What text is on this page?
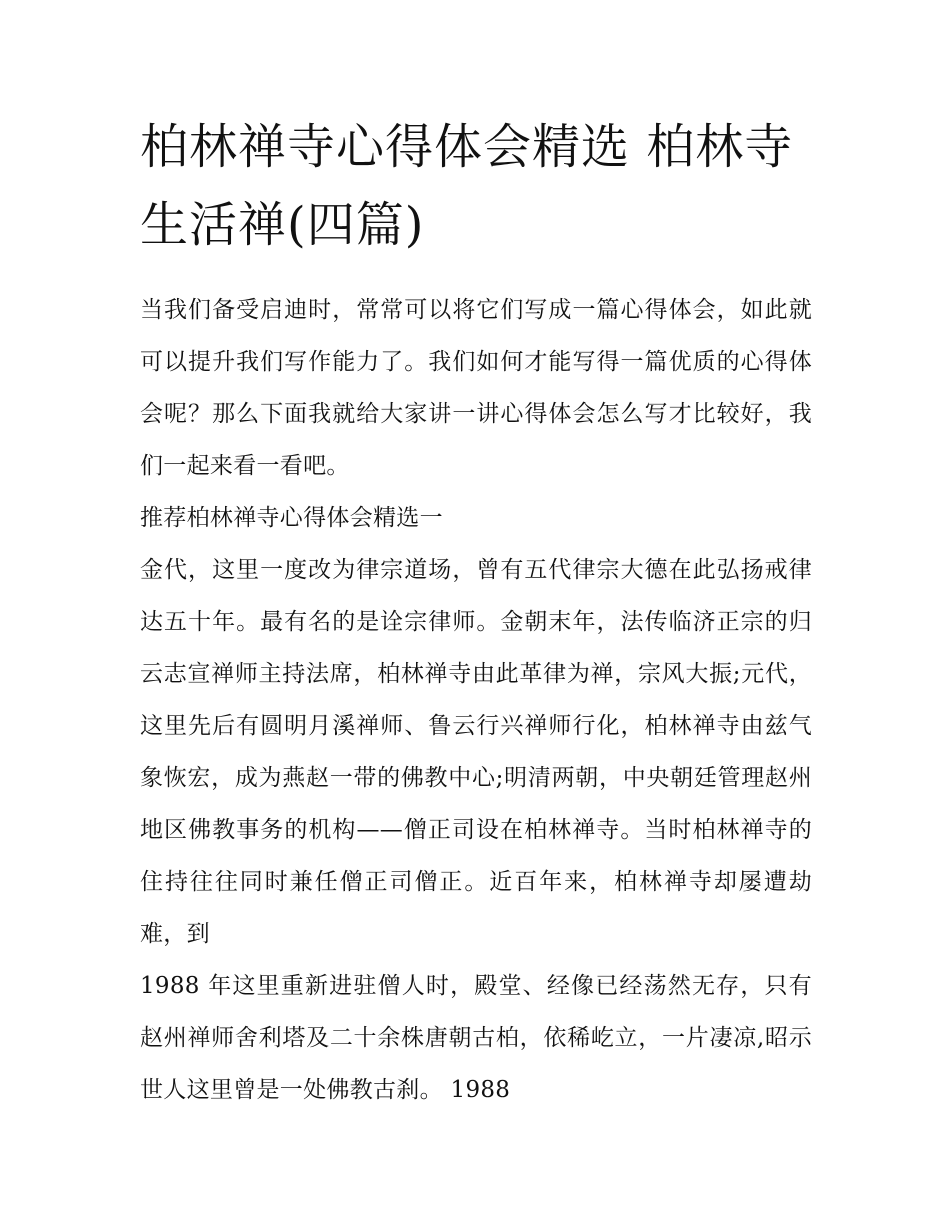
柏林禅寺心得体会精选 柏林寺生活禅(四篇)

当我们备受启迪时，常常可以将它们写成一篇心得体会，如此就可以提升我们写作能力了。我们如何才能写得一篇优质的心得体会呢？那么下面我就给大家讲一讲心得体会怎么写才比较好，我们一起来看一看吧。

推荐柏林禅寺心得体会精选一

金代，这里一度改为律宗道场，曾有五代律宗大德在此弘扬戒律达五十年。最有名的是诠宗律师。金朝末年，法传临济正宗的归云志宣禅师主持法席，柏林禅寺由此革律为禅，宗风大振;元代，这里先后有圆明月溪禅师、鲁云行兴禅师行化，柏林禅寺由兹气象恢宏，成为燕赵一带的佛教中心;明清两朝，中央朝廷管理赵州地区佛教事务的机构——僧正司设在柏林禅寺。当时柏林禅寺的住持往往同时兼任僧正司僧正。近百年来，柏林禅寺却屡遭劫难，到

1988 年这里重新进驻僧人时，殿堂、经像已经荡然无存，只有赵州禅师舍利塔及二十余株唐朝古柏，依稀屹立，一片凄凉,昭示世人这里曾是一处佛教古刹。 1988
